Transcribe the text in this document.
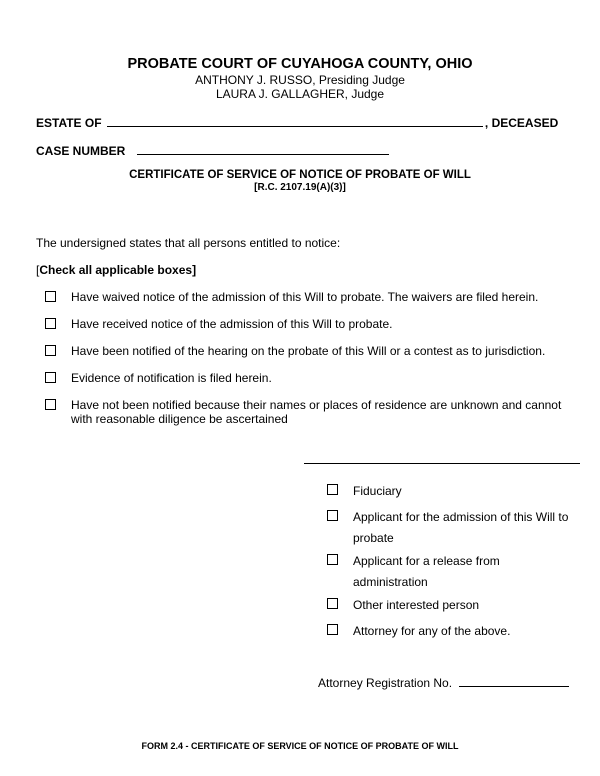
PROBATE COURT OF CUYAHOGA COUNTY, OHIO
ANTHONY J. RUSSO, Presiding Judge
LAURA J. GALLAGHER, Judge
ESTATE OF	, DECEASED
CASE NUMBER
CERTIFICATE OF SERVICE OF NOTICE OF PROBATE OF WILL
[R.C. 2107.19(A)(3)]
The undersigned states that all persons entitled to notice:
[Check all applicable boxes]
Have waived notice of the admission of this Will to probate. The waivers are filed herein.
Have received notice of the admission of this Will to probate.
Have been notified of the hearing on the probate of this Will or a contest as to jurisdiction.
Evidence of notification is filed herein.
Have not been notified because their names or places of residence are unknown and cannot with reasonable diligence be ascertained
Fiduciary
Applicant for the admission of this Will to probate
Applicant for a release from administration
Other interested person
Attorney for any of the above.
Attorney Registration No.
FORM 2.4 - CERTIFICATE OF SERVICE OF NOTICE OF PROBATE OF WILL
